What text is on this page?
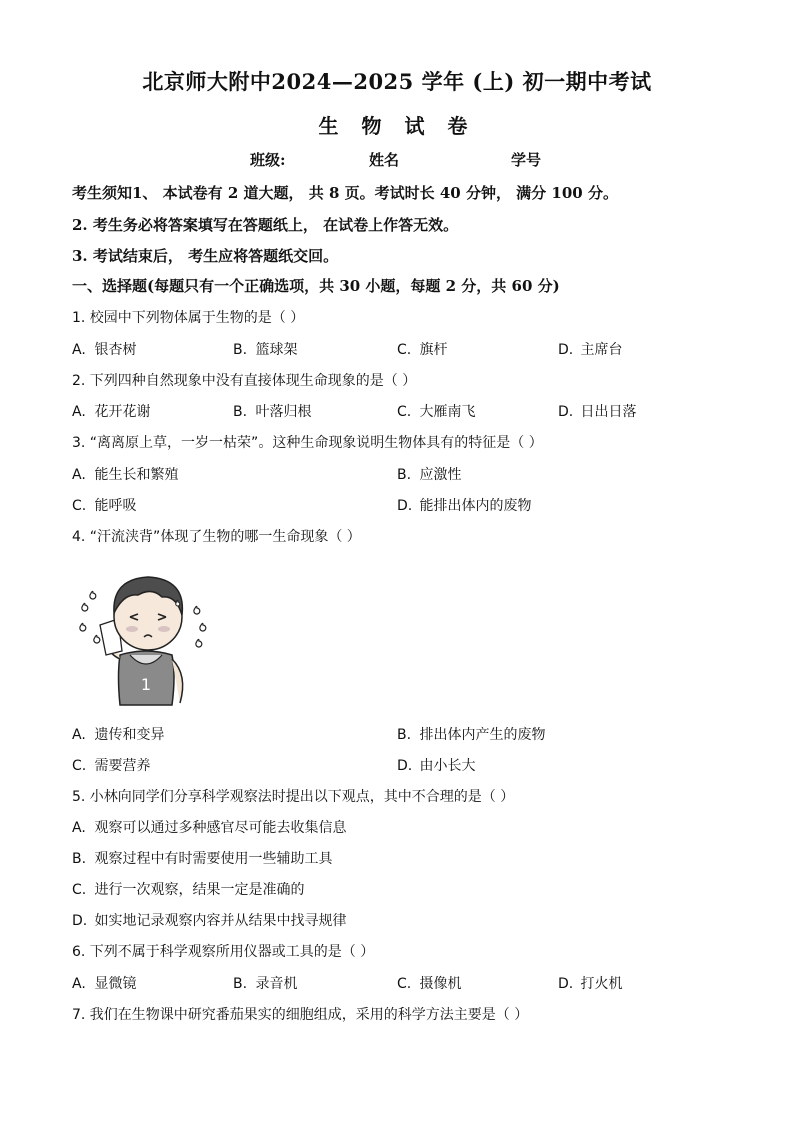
北京师大附中2024—2025 学年 (上) 初一期中考试
生 物 试 卷
班级:	姓名	学号
考生须知1、 本试卷有 2 道大题， 共 8 页。考试时长 40 分钟， 满分 100 分。
2. 考生务必将答案填写在答题纸上， 在试卷上作答无效。
3. 考试结束后， 考生应将答题纸交回。
一、选择题(每题只有一个正确选项，共 30 小题，每题 2 分，共 60 分)
1. 校园中下列物体属于生物的是（ ）
A. 银杏树	B. 篮球架	C. 旗杆	D. 主席台
2. 下列四种自然现象中没有直接体现生命现象的是（ ）
A. 花开花谢	B. 叶落归根	C. 大雁南飞	D. 日出日落
3. “离离原上草，一岁一枯荣”。这种生命现象说明生物体具有的特征是（ ）
A. 能生长和繁殖	B. 应激性
C. 能呼吸	D. 能排出体内的废物
4. “汗流浃背”体现了生物的哪一生命现象（ ）
1
A. 遗传和变异	B. 排出体内产生的废物
C. 需要营养	D. 由小长大
5. 小林向同学们分享科学观察法时提出以下观点，其中不合理的是（ ）
A. 观察可以通过多种感官尽可能去收集信息
B. 观察过程中有时需要使用一些辅助工具
C. 进行一次观察，结果一定是准确的
D. 如实地记录观察内容并从结果中找寻规律
6. 下列不属于科学观察所用仪器或工具的是（ ）
A. 显微镜	B. 录音机	C. 摄像机	D. 打火机
7. 我们在生物课中研究番茄果实的细胞组成，采用的科学方法主要是（ ）
